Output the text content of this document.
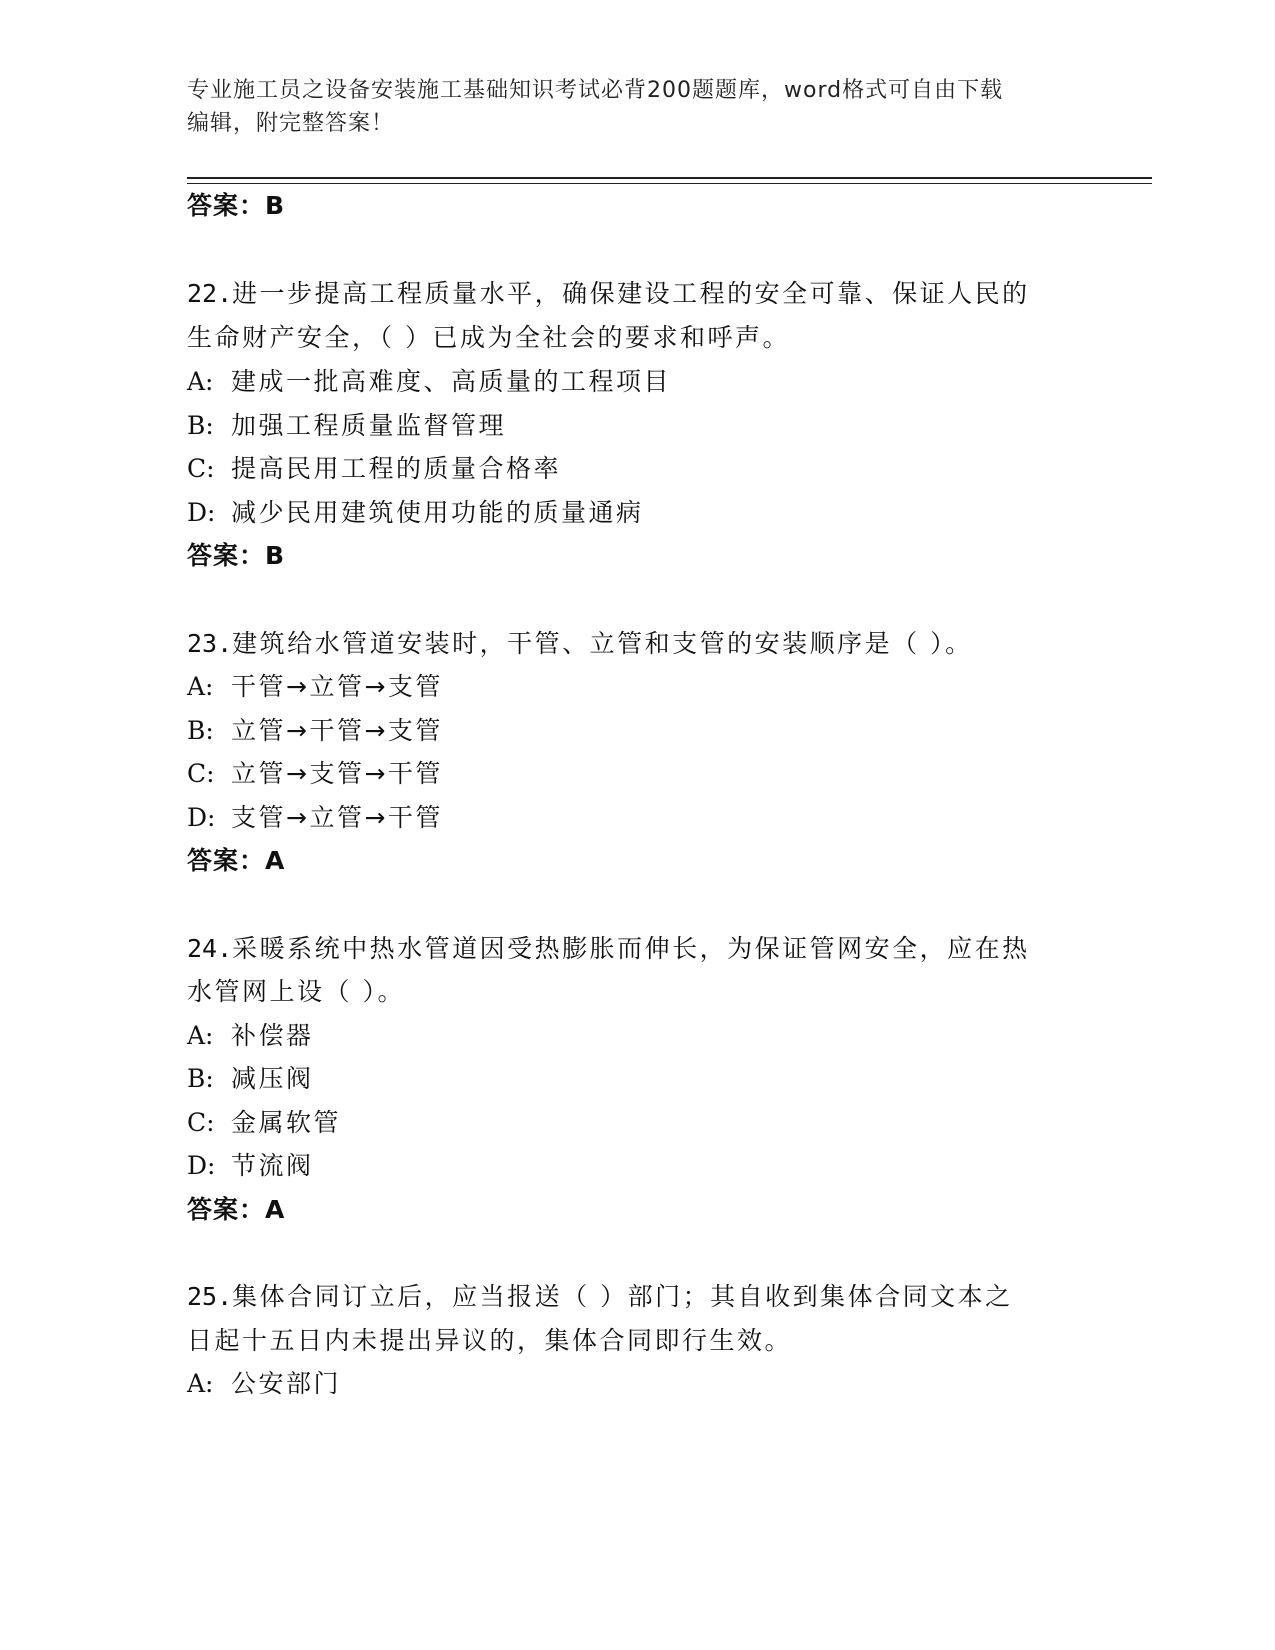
专业施工员之设备安装施工基础知识考试必背200题题库，word格式可自由下载
编辑，附完整答案！
答案：B
22.进一步提高工程质量水平，确保建设工程的安全可靠、保证人民的
生命财产安全，（ ）已成为全社会的要求和呼声。
A: 建成一批高难度、高质量的工程项目
B: 加强工程质量监督管理
C: 提高民用工程的质量合格率
D: 减少民用建筑使用功能的质量通病
答案：B
23.建筑给水管道安装时，干管、立管和支管的安装顺序是（ ）。
A: 干管→立管→支管
B: 立管→干管→支管
C: 立管→支管→干管
D: 支管→立管→干管
答案：A
24.采暖系统中热水管道因受热膨胀而伸长，为保证管网安全，应在热
水管网上设（ ）。
A: 补偿器
B: 减压阀
C: 金属软管
D: 节流阀
答案：A
25.集体合同订立后，应当报送（ ）部门；其自收到集体合同文本之
日起十五日内未提出异议的，集体合同即行生效。
A: 公安部门
